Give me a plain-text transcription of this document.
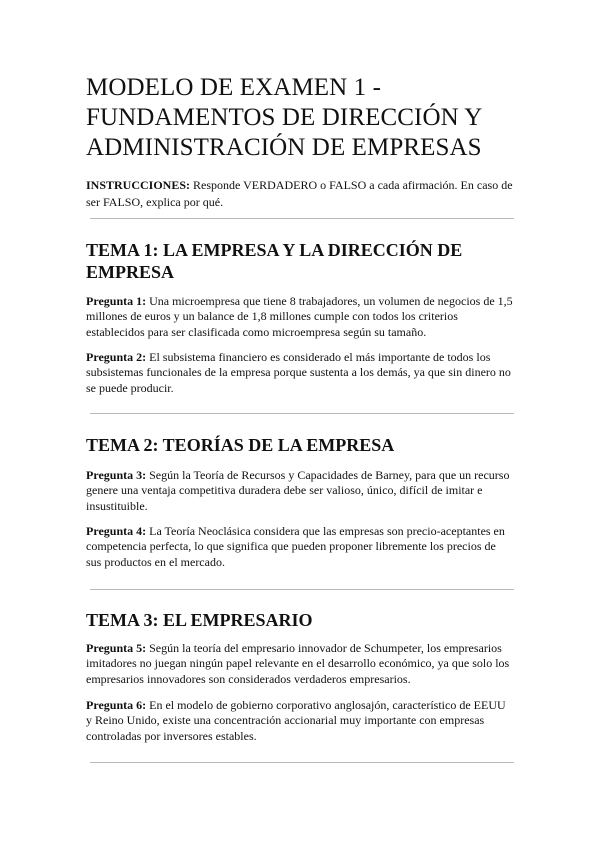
MODELO DE EXAMEN 1 - FUNDAMENTOS DE DIRECCIÓN Y ADMINISTRACIÓN DE EMPRESAS

INSTRUCCIONES: Responde VERDADERO o FALSO a cada afirmación. En caso de ser FALSO, explica por qué.

TEMA 1: LA EMPRESA Y LA DIRECCIÓN DE EMPRESA

Pregunta 1: Una microempresa que tiene 8 trabajadores, un volumen de negocios de 1,5 millones de euros y un balance de 1,8 millones cumple con todos los criterios establecidos para ser clasificada como microempresa según su tamaño.

Pregunta 2: El subsistema financiero es considerado el más importante de todos los subsistemas funcionales de la empresa porque sustenta a los demás, ya que sin dinero no se puede producir.

TEMA 2: TEORÍAS DE LA EMPRESA

Pregunta 3: Según la Teoría de Recursos y Capacidades de Barney, para que un recurso genere una ventaja competitiva duradera debe ser valioso, único, difícil de imitar e insustituible.

Pregunta 4: La Teoría Neoclásica considera que las empresas son precio-aceptantes en competencia perfecta, lo que significa que pueden proponer libremente los precios de sus productos en el mercado.

TEMA 3: EL EMPRESARIO

Pregunta 5: Según la teoría del empresario innovador de Schumpeter, los empresarios imitadores no juegan ningún papel relevante en el desarrollo económico, ya que solo los empresarios innovadores son considerados verdaderos empresarios.

Pregunta 6: En el modelo de gobierno corporativo anglosajón, característico de EEUU y Reino Unido, existe una concentración accionarial muy importante con empresas controladas por inversores estables.
